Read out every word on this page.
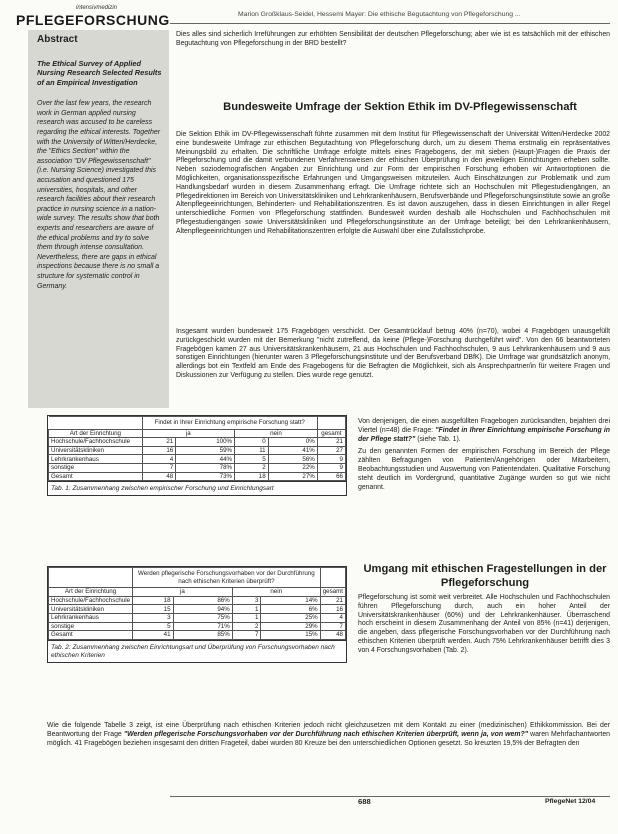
intensivmedizin
PFLEGEFORSCHUNG	Marion Großklaus-Seidel, Hessemi Mayer: Die ethische Begutachtung von Pflegeforschung ...
Abstract
The Ethical Survey of Applied Nursing Research Selected Results of an Empirical Investigation
Over the last few years, the research work in German applied nursing research was accused to be careless regarding the ethical interests. Together with the University of Witten/Herdecke, the "Ethics Section" within the association "DV Pflegewissenschaft" (i.e. Nursing Science) investigated this accusation and questioned 175 universities, hospitals, and other research facilities about their research practice in nursing science in a nation-wide survey. The results show that both experts and researchers are aware of the ethical problems and try to solve them through intense consultation. Nevertheless, there are gaps in ethical inspections because there is no small a structure for systematic control in Germany.

Dies alles sind sicherlich Irreführungen zur erhöhten Sensibilität der deutschen Pflegeforschung; aber wie ist es tatsächlich mit der ethischen Begutachtung von Pflegeforschung in der BRD bestellt?

Bundesweite Umfrage der Sektion Ethik im DV-Pflegewissenschaft

Die Sektion Ethik im DV-Pflegewissenschaft führte zusammen mit dem Institut für Pflegewissenschaft der Universität Witten/Herdecke 2002 eine bundesweite Umfrage zur ethischen Begutachtung von Pflegeforschung durch, um zu diesem Thema erstmalig ein repräsentatives Meinungsbild zu erhalten. Die schriftliche Umfrage erfolgte mittels eines Fragebogens, der mit sieben (Haupt-)Fragen die Praxis der Pflegeforschung und die damit verbundenen Verfahrensweisen der ethischen Überprüfung in den jeweiligen Einrichtungen erheben sollte. Neben soziodemografischen Angaben zur Einrichtung und zur Form der empirischen Forschung erhoben wir Antwortoptionen die Möglichkeiten, organisationsspezifische Erfahrungen und Umgangsweisen mitzuteilen. Auch Einschätzungen zur Problematik und zum Handlungsbedarf wurden in diesem Zusammenhang erfragt. Die Umfrage richtete sich an Hochschulen mit Pflegestudiengängen, an Pflegedirektionen im Bereich von Universitätskliniken und Lehrkrankenhäusern, Berufsverbände und Pflegeforschungsinstitute sowie an große Altenpflegeeinrichtungen, Behinderten- und Rehabilitationszentren. Es ist davon auszugehen, dass in diesen Einrichtungen in aller Regel unterschiedliche Formen von Pflegeforschung stattfinden. Bundesweit wurden deshalb alle Hochschulen und Fachhochschulen mit Pflegestudiengängen sowie Universitätskliniken und Pflegeforschungsinstitute an der Umfrage beteiligt; bei den Lehrkrankenhäusern, Altenpflegeeinrichtungen und Rehabilitationszentren erfolgte die Auswahl über eine Zufallsstichprobe.

Insgesamt wurden bundesweit 175 Fragebögen verschickt. Der Gesamtrücklauf betrug 40% (n=70), wobei 4 Fragebögen unausgefüllt zurückgeschickt wurden mit der Bemerkung "nicht zutreffend, da keine (Pflege-)Forschung durchgeführt wird". Von den 66 beantworteten Fragebögen kamen 27 aus Universitätskrankenhäusern, 21 aus Hochschulen und Fachhochschulen, 9 aus Lehrkrankenhäusern und 9 aus sonstigen Einrichtungen (hierunter waren 3 Pflegeforschungsinstitute und der Berufsverband DBfK). Die Umfrage war grundsätzlich anonym, allerdings bot ein Textfeld am Ende des Fragebogens für die Befragten die Möglichkeit, sich als Ansprechpartner/in für weitere Fragen und Diskussionen zur Verfügung zu stellen. Dies wurde rege genutzt.

Von denjenigen, die einen ausgefüllten Fragebogen zurücksandten, bejahten drei Viertel (n=48) die Frage: "Findet in Ihrer Einrichtung empirische Forschung in der Pflege statt?" (siehe Tab. 1).

Zu den genannten Formen der empirischen Forschung im Bereich der Pflege zählten Befragungen von Patienten/Angehörigen oder Mitarbeitern, Beobachtungsstudien und Auswertung von Patientendaten. Qualitative Forschung steht deutlich im Vordergrund, quantitative Zugänge wurden so gut wie nicht genannt.

	Findet in Ihrer Einrichtung empirische Forschung statt?				
Art der Einrichtung	ja		nein		gesamt
Hochschule/Fachhochschule	21	100%	0	0%	21
Universitätskliniken	16	59%	11	41%	27
Lehrkrankenhaus	4	44%	5	56%	9
sonstige	7	78%	2	22%	9
Gesamt	48	73%	18	27%	66
Tab. 1: Zusammenhang zwischen empirischer Forschung und Einrichtungsart
	Werden pflegerische Forschungsvorhaben vor der Durchführung nach ethischen Kriterien überprüft?				
Art der Einrichtung	ja		nein		gesamt
Hochschule/Fachhochschule	18	86%	3	14%	21
Universitätskliniken	15	94%	1	6%	16
Lehrkrankenhaus	3	75%	1	25%	4
sonstige	5	71%	2	29%	7
Gesamt	41	85%	7	15%	48
Tab. 2: Zusammenhang zwischen Einrichtungsart und Überprüfung von Forschungsvorhaben nach ethischen Kriterien
Umgang mit ethischen Fragestellungen in der Pflegeforschung

Pflegeforschung ist somit weit verbreitet. Alle Hochschulen und Fachhochschulen führen Pflegeforschung durch, auch ein hoher Anteil der Universitätskrankenhäuser (60%) und der Lehrkrankenhäuser. Überraschend hoch erscheint in diesem Zusammenhang der Anteil von 85% (n=41) derjenigen, die angeben, dass pflegerische Forschungsvorhaben vor der Durchführung nach ethischen Kriterien überprüft werden. Auch 75% Lehrkrankenhäuser betrifft dies 3 von 4 Forschungsvorhaben (Tab. 2).

Wie die folgende Tabelle 3 zeigt, ist eine Überprüfung nach ethischen Kriterien jedoch nicht gleichzusetzen mit dem Kontakt zu einer (medizinischen) Ethikkommission. Bei der Beantwortung der Frage "Werden pflegerische Forschungsvorhaben vor der Durchführung nach ethischen Kriterien überprüft, wenn ja, von wem?" waren Mehrfachantworten möglich. 41 Fragebögen beziehen insgesamt den dritten Frageteil, dabei wurden 80 Kreuze bei den unterschiedlichen Optionen gesetzt. So kreuzten 19,5% der Befragten den

688	PflegeNet 12/04
